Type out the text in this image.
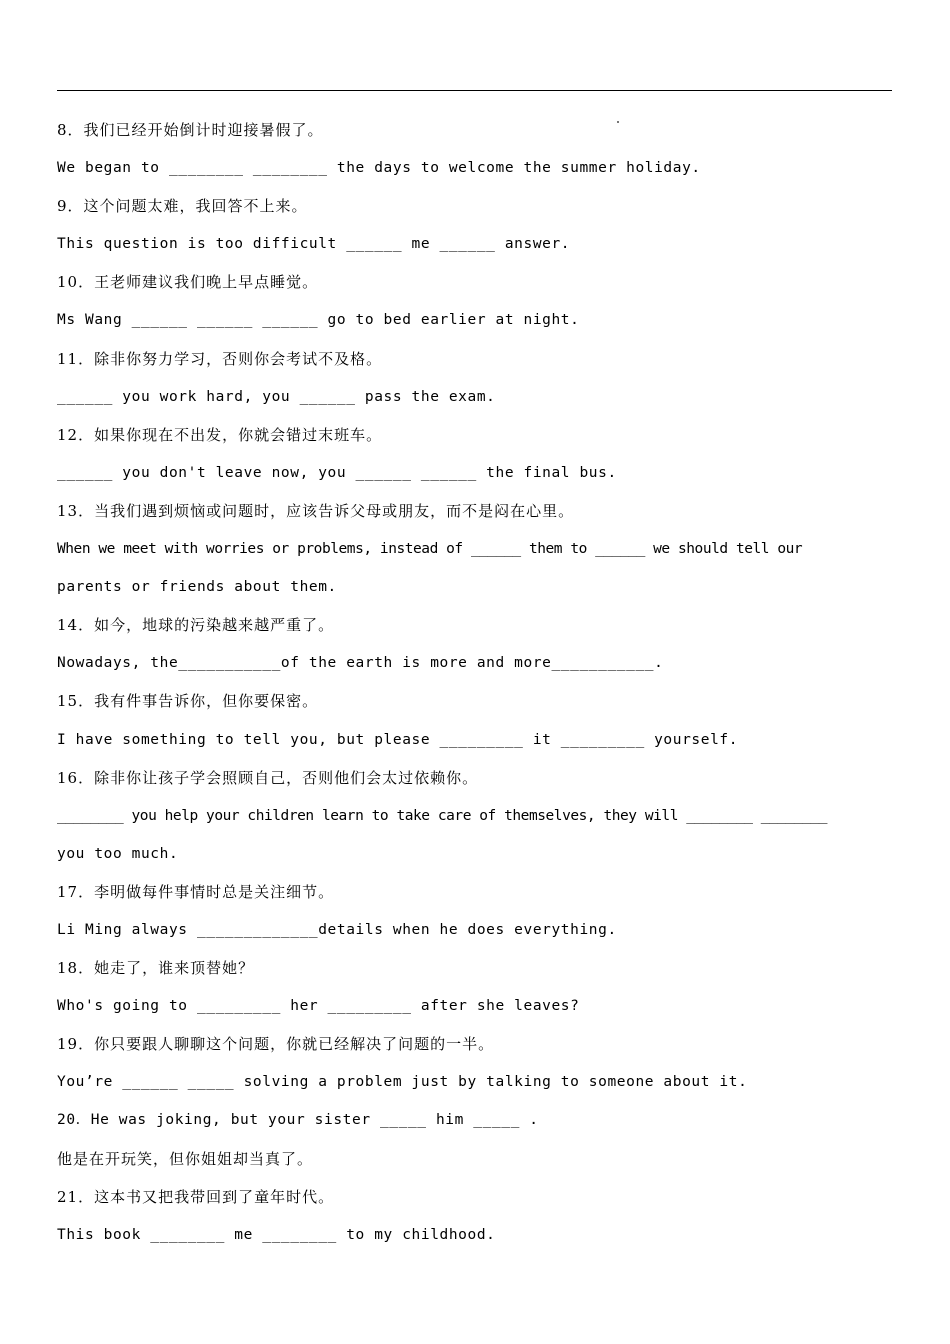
8．我们已经开始倒计时迎接暑假了。
We began to ________ ________ the days to welcome the summer holiday.
9．这个问题太难，我回答不上来。
This question is too difficult ______ me ______ answer.
10．王老师建议我们晚上早点睡觉。
Ms Wang ______ ______ ______ go to bed earlier at night.
11．除非你努力学习，否则你会考试不及格。
______ you work hard, you ______ pass the exam.
12．如果你现在不出发，你就会错过末班车。
______ you don't leave now, you ______ ______ the final bus.
13．当我们遇到烦恼或问题时，应该告诉父母或朋友，而不是闷在心里。
When we meet with worries or problems, instead of ______ them to ______ we should tell our
parents or friends about them.
14．如今，地球的污染越来越严重了。
Nowadays, the___________of the earth is more and more___________.
15．我有件事告诉你，但你要保密。
I have something to tell you, but please _________ it _________ yourself.
16．除非你让孩子学会照顾自己，否则他们会太过依赖你。
________ you help your children learn to take care of themselves, they will ________ ________
you too much.
17．李明做每件事情时总是关注细节。
Li Ming always _____________details when he does everything.
18．她走了，谁来顶替她？
Who's going to _________ her _________ after she leaves?
19．你只要跟人聊聊这个问题，你就已经解决了问题的一半。
You’re ______ _____ solving a problem just by talking to someone about it.
20．He was joking, but your sister _____ him _____ .
他是在开玩笑，但你姐姐却当真了。
21．这本书又把我带回到了童年时代。
This book ________ me ________ to my childhood.
